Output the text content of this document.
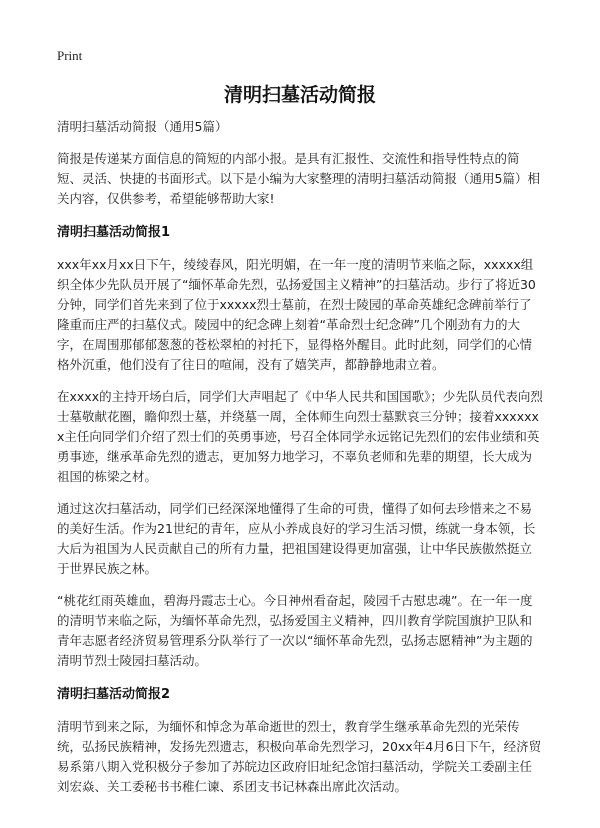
Print
清明扫墓活动简报

清明扫墓活动简报（通用5篇）

简报是传递某方面信息的简短的内部小报。是具有汇报性、交流性和指导性特点的简短、灵活、快捷的书面形式。以下是小编为大家整理的清明扫墓活动简报（通用5篇）相关内容，仅供参考，希望能够帮助大家!

清明扫墓活动简报1

xxx年xx月xx日下午，绫绫春风，阳光明媚，在一年一度的清明节来临之际，xxxxx组织全体少先队员开展了“缅怀革命先烈，弘扬爱国主义精神”的扫墓活动。步行了将近30分钟，同学们首先来到了位于xxxxx烈士墓前，在烈士陵园的革命英雄纪念碑前举行了隆重而庄严的扫墓仪式。陵园中的纪念碑上刻着“革命烈士纪念碑”几个刚劲有力的大字，在周围那郁郁葱葱的苍松翠柏的衬托下，显得格外醒目。此时此刻，同学们的心情格外沉重，他们没有了往日的喧闹，没有了嬉笑声，都静静地肃立着。

在xxxx的主持开场白后，同学们大声唱起了《中华人民共和国国歌》；少先队员代表向烈士墓敬献花圈，瞻仰烈士墓，并绕墓一周，全体师生向烈士墓默哀三分钟；接着xxxxxxx主任向同学们介绍了烈士们的英勇事迹，号召全体同学永远铭记先烈们的宏伟业绩和英勇事迹，继承革命先烈的遗志，更加努力地学习，不辜负老师和先辈的期望，长大成为祖国的栋梁之材。

通过这次扫墓活动，同学们已经深深地懂得了生命的可贵，懂得了如何去珍惜来之不易的美好生活。作为21世纪的青年，应从小养成良好的学习生活习惯，练就一身本领，长大后为祖国为人民贡献自己的所有力量，把祖国建设得更加富强，让中华民族傲然挺立于世界民族之林。

“桃花红雨英雄血，碧海丹霞志士心。今日神州看奋起，陵园千古慰忠魂”。在一年一度的清明节来临之际，为缅怀革命先烈，弘扬爱国主义精神，四川教育学院国旗护卫队和青年志愿者经济贸易管理系分队举行了一次以“缅怀革命先烈，弘扬志愿精神”为主题的清明节烈士陵园扫墓活动。

清明扫墓活动简报2

清明节到来之际，为缅怀和悼念为革命逝世的烈士，教育学生继承革命先烈的光荣传统，弘扬民族精神，发扬先烈遗志，积极向革命先烈学习，20xx年4月6日下午，经济贸易系第八期入党积极分子参加了苏皖边区政府旧址纪念馆扫墓活动，学院关工委副主任刘宏焱、关工委秘书书稚仁谏、系团支书记林森出席此次活动。
